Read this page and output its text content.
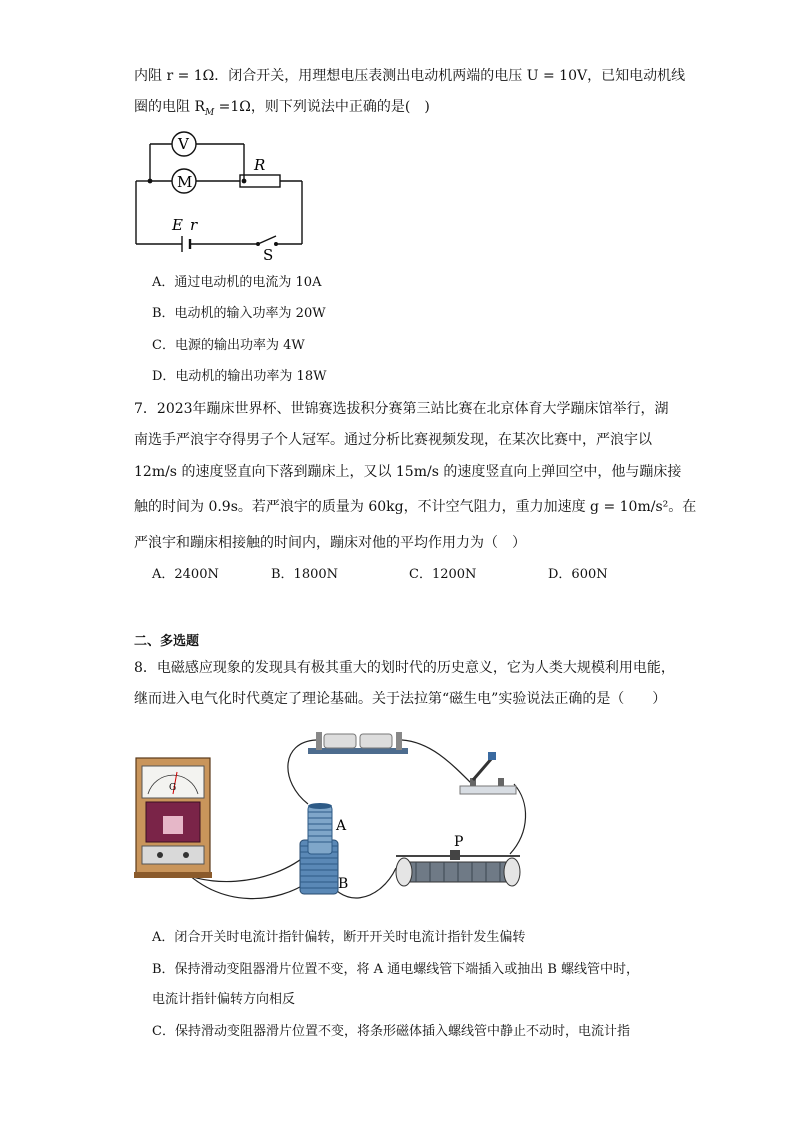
内阻 r = 1Ω．闭合开关，用理想电压表测出电动机两端的电压 U = 10V，已知电动机线
圈的电阻 $R_M =1\Omega$，则下列说法中正确的是(　)
V
M
R
E r
S
A．通过电动机的电流为 10A
B．电动机的输入功率为 20W
C．电源的输出功率为 4W
D．电动机的输出功率为 18W
7．2023年蹦床世界杯、世锦赛选拔积分赛第三站比赛在北京体育大学蹦床馆举行，湖
南选手严浪宇夺得男子个人冠军。通过分析比赛视频发现，在某次比赛中，严浪宇以
12m/s 的速度竖直向下落到蹦床上，又以 15m/s 的速度竖直向上弹回空中，他与蹦床接
触的时间为 0.9s。若严浪宇的质量为 60kg，不计空气阻力，重力加速度 g = 10m/s²。在
严浪宇和蹦床相接触的时间内，蹦床对他的平均作用力为（　）
A．2400N	B．1800N	C．1200N	D．600N
二、多选题
8．电磁感应现象的发现具有极其重大的划时代的历史意义，它为人类大规模利用电能，
继而进入电气化时代奠定了理论基础。关于法拉第“磁生电”实验说法正确的是（　　）
G
A
B
P
A．闭合开关时电流计指针偏转，断开开关时电流计指针发生偏转
B．保持滑动变阻器滑片位置不变，将 A 通电螺线管下端插入或抽出 B 螺线管中时，
电流计指针偏转方向相反
C．保持滑动变阻器滑片位置不变，将条形磁体插入螺线管中静止不动时，电流计指
